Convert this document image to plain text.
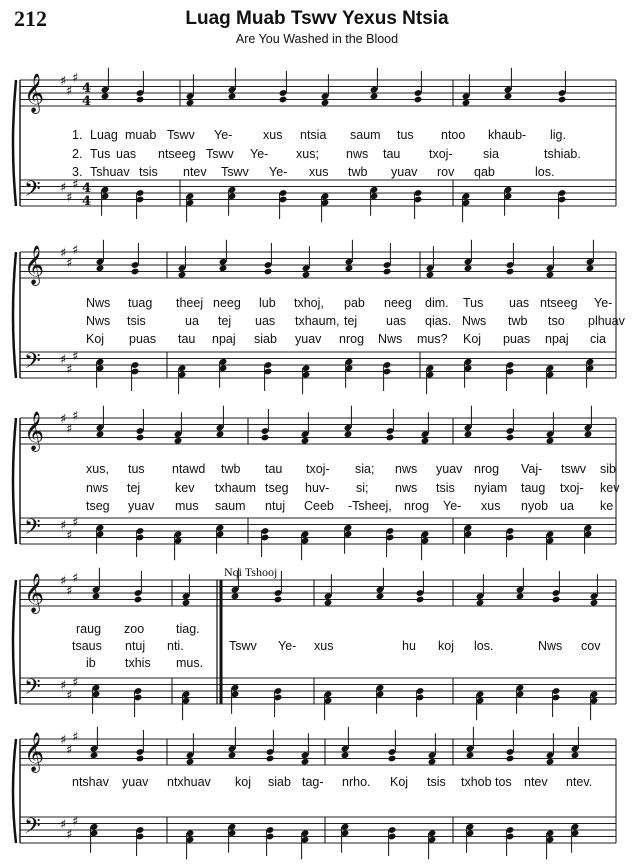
212	Luag Muab Tswv Yexus Ntsia
Are You Washed in the Blood
𝄞
𝄢
♯
♯
♯
♯
♯
♯
4
4
4
4
1. Luag muab Tswv Ye- xus ntsia saum tus ntoo khaub- lig.
2. Tus uas ntseeg Tswv Ye- xus; nws tau txoj- sia	tshiab.
3. Tshuav tsis ntev Tswv Ye- xus twb yuav rov qab	los.
𝄞
𝄢
♯
♯
♯
♯
♯
♯
Nws tuag theej neeg lub txhoj, pab neeg dim. Tus uas ntseeg Ye-
Nws tsis	ua tej uas txhaum, tej uas qias. Nws twb tso plhuav
Koj puas tau npaj siab yuav nrog Nws mus? Koj puas npaj cia
𝄞
𝄢
♯
♯
♯
♯
♯
♯
xus, tus ntawd twb tau txoj- sia; nws yuav nrog Vaj- tswv sib
nws tej	kev txhaum tseg huv- si; nws tsis nyiam taug txoj- kev
tseg yuav mus saum ntuj Ceeb -Tsheej, nrog Ye- xus nyob ua ke
𝄞
𝄢
♯
♯
♯
♯
♯
♯
raug zoo	tiag.
tsaus ntuj nti.	Tswv Ye- xus	hu koj los.	Nws cov
ib txhis mus.
Nqi Tshooj
𝄞
𝄢
♯
♯
♯
♯
♯
♯
ntshav yuav ntxhuav koj siab tag- nrho. Koj tsis txhob tos ntev ntev.
